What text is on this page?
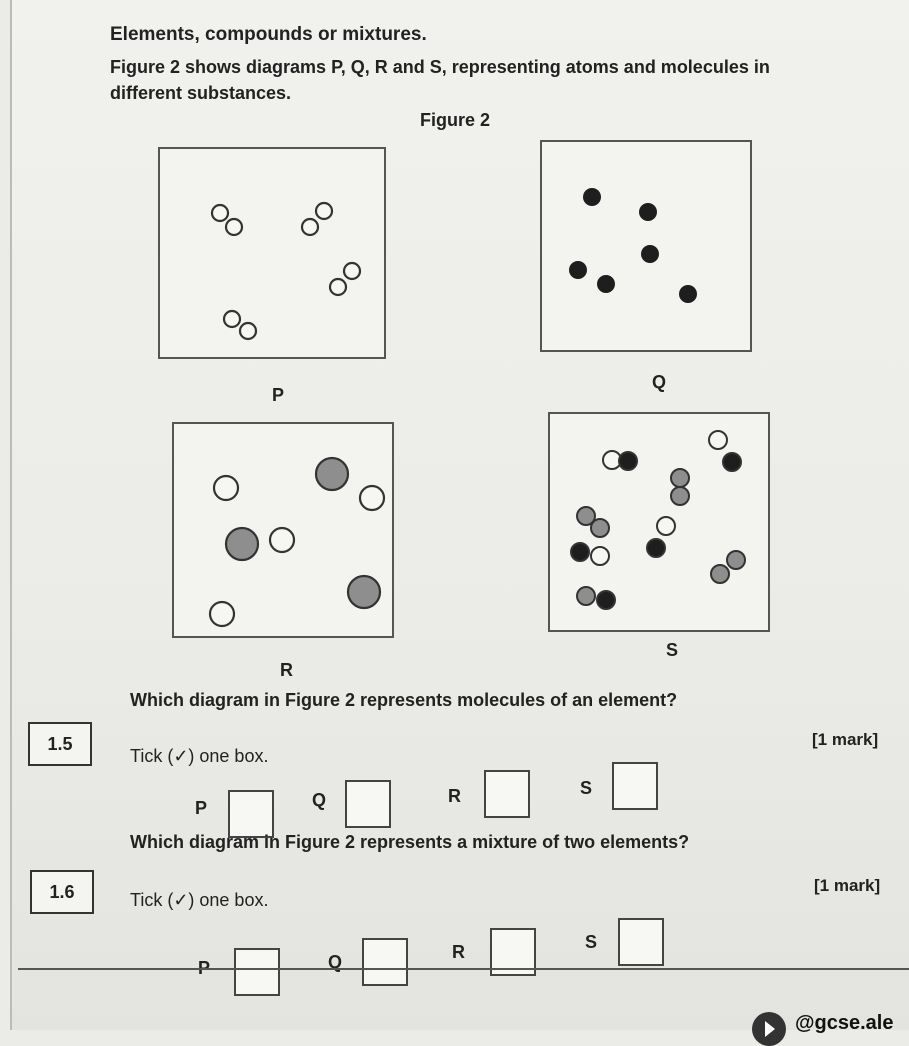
Elements, compounds or mixtures.
Figure 2 shows diagrams P, Q, R and S, representing atoms and molecules in
different substances.
Figure 2
P
Q
R
S
1.5
Which diagram in Figure 2 represents molecules of an element?
Tick (✓) one box.
[1 mark]
P	Q	R	S
1.6
Which diagram in Figure 2 represents a mixture of two elements?
Tick (✓) one box.
[1 mark]
P	Q	R	S
@gcse.ale
